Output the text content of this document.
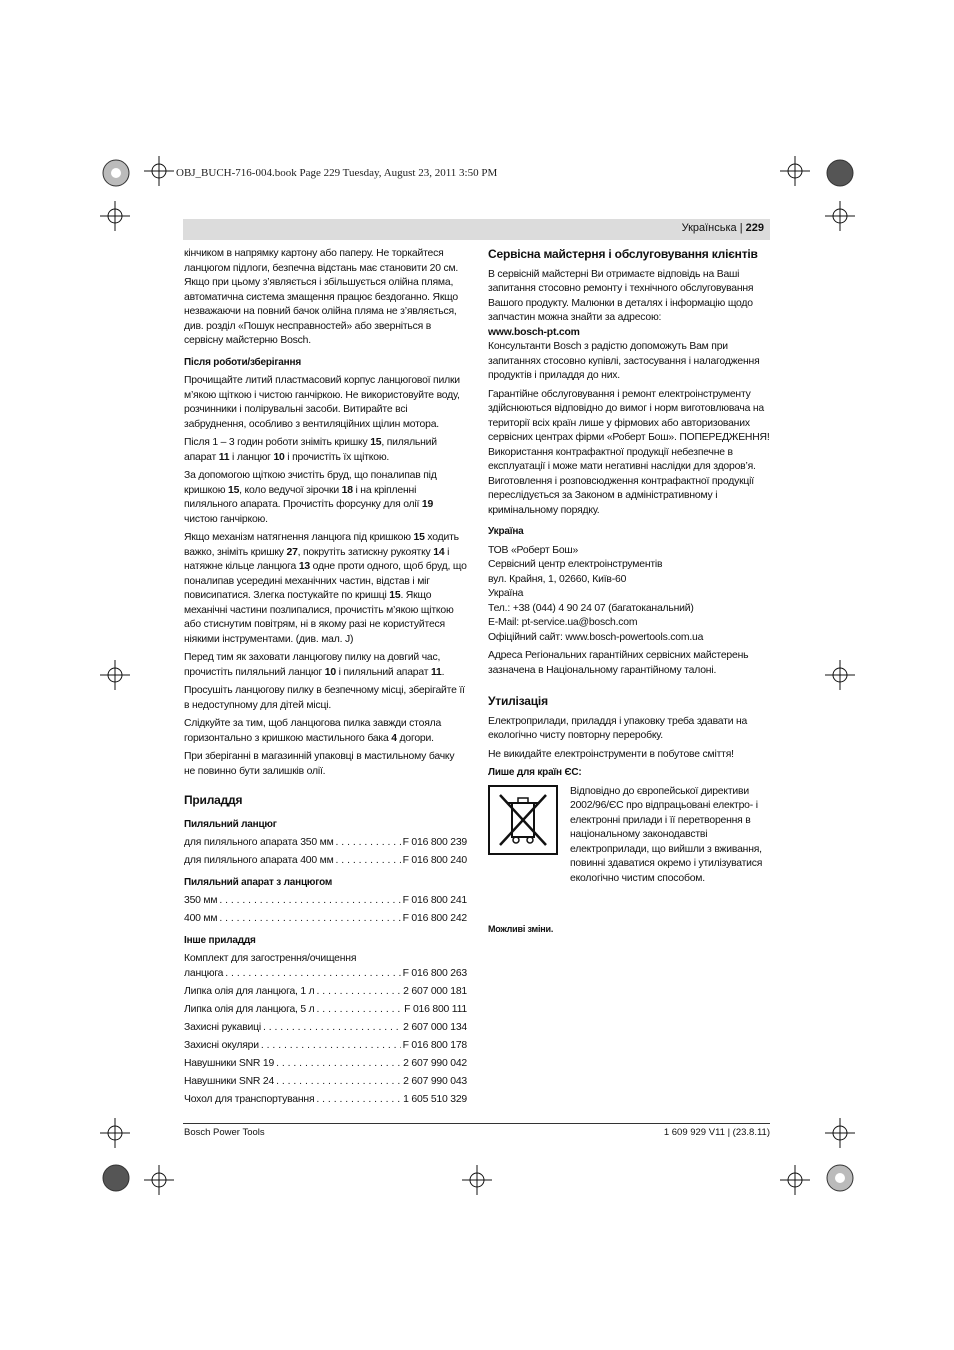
OBJ_BUCH-716-004.book Page 229 Tuesday, August 23, 2011 3:50 PM
Українська | 229

кінчиком в напрямку картону або паперу. Не торкайтеся ланцюгом підлоги, безпечна відстань має становити 20 см. Якщо при цьому з’являється і збільшується олійна пляма, автоматична система змащення працює бездоганно. Якщо незважаючи на повний бачок олійна пляма не з’являється, див. розділ «Пошук несправностей» або зверніться в сервісну майстерню Bosch.

Після роботи/зберігання

Прочищайте литий пластмасовий корпус ланцюгової пилки м’якою щіткою і чистою ганчіркою. Не використовуйте воду, розчинники і полірувальні засоби. Витирайте всі забруднення, особливо з вентиляційних щілин мотора.

Після 1 – 3 годин роботи зніміть кришку 15, пиляльний апарат 11 і ланцюг 10 і прочистіть їх щіткою.

За допомогою щіткою зчистіть бруд, що поналипав під кришкою 15, коло ведучої зірочки 18 і на кріпленні пиляльного апарата. Прочистіть форсунку для олії 19 чистою ганчіркою.

Якщо механізм натягнення ланцюга під кришкою 15 ходить важко, зніміть кришку 27, покрутіть затискну рукоятку 14 і натяжне кільце ланцюга 13 одне проти одного, щоб бруд, що поналипав усередині механічних частин, відстав і міг повисипатися. Злегка постукайте по кришці 15. Якщо механічні частини позлипалися, прочистіть м’якою щіткою або стиснутим повітрям, ні в якому разі не користуйтеся ніякими інструментами. (див. мал. J)

Перед тим як заховати ланцюгову пилку на довгий час, прочистіть пиляльний ланцюг 10 і пиляльний апарат 11.

Просушіть ланцюгову пилку в безпечному місці, зберігайте її в недоступному для дітей місці.

Слідкуйте за тим, щоб ланцюгова пилка завжди стояла горизонтально з кришкою мастильного бака 4 догори.

При зберіганні в магазинній упаковці в мастильному бачку не повинно бути залишків олії.

Приладдя
Пиляльний ланцюг
для пиляльного апарата 350 мм . . .	F 016 800 239
для пиляльного апарата 400 мм . . .	F 016 800 240
Пиляльний апарат з ланцюгом
350 мм . . .	F 016 800 241
400 мм . . .	F 016 800 242
Інше приладдя
Комплект для загострення/очищення
ланцюга . . .	F 016 800 263
Липка олія для ланцюга, 1 л . . .	2 607 000 181
Липка олія для ланцюга, 5 л . . .	F 016 800 111
Захисні рукавиці . . .	2 607 000 134
Захисні окуляри . . .	F 016 800 178
Навушники SNR 19 . . .	2 607 990 042
Навушники SNR 24 . . .	2 607 990 043
Чохол для транспортування . . .	1 605 510 329
Сервісна майстерня і обслуговування клієнтів
В сервісній майстерні Ви отримаєте відповідь на Ваші запитання стосовно ремонту і технічного обслуговування Вашого продукту. Малюнки в деталях і інформацію щодо запчастин можна знайти за адресою:
www.bosch-pt.com

Консультанти Bosch з радістю допоможуть Вам при запитаннях стосовно купівлі, застосування і налагодження продуктів і приладдя до них.

Гарантійне обслуговування і ремонт електроінструменту здійснюються відповідно до вимог і норм виготовлювача на території всіх країн лише у фірмових або авторизованих сервісних центрах фірми «Роберт Бош». ПОПЕРЕДЖЕННЯ! Використання контрафактної продукції небезпечне в експлуатації і може мати негативні наслідки для здоров’я. Виготовлення і розповсюдження контрафактної продукції переслідується за Законом в адміністративному і кримінальному порядку.

Україна
ТОВ «Роберт Бош»
Сервісний центр електроінструментів
вул. Крайня, 1, 02660, Київ-60
Україна
Тел.: +38 (044) 4 90 24 07 (багатоканальний)
E-Mail: pt-service.ua@bosch.com
Офіційний сайт: www.bosch-powertools.com.ua

Адреса Регіональних гарантійних сервісних майстерень зазначена в Національному гарантійному талоні.

Утилізація

Електроприлади, приладдя і упаковку треба здавати на екологічно чисту повторну переробку.

Не викидайте електроінструменти в побутове сміття!

Лише для країн ЄС:
Відповідно до європейської директиви 2002/96/ЄС про відпрацьовані електро- і електронні прилади і її перетворення в національному законодавстві електроприлади, що вийшли з вживання, повинні здаватися окремо і утилізуватися екологічно чистим способом.
Можливі зміни.
Bosch Power Tools	1 609 929 V11 | (23.8.11)
